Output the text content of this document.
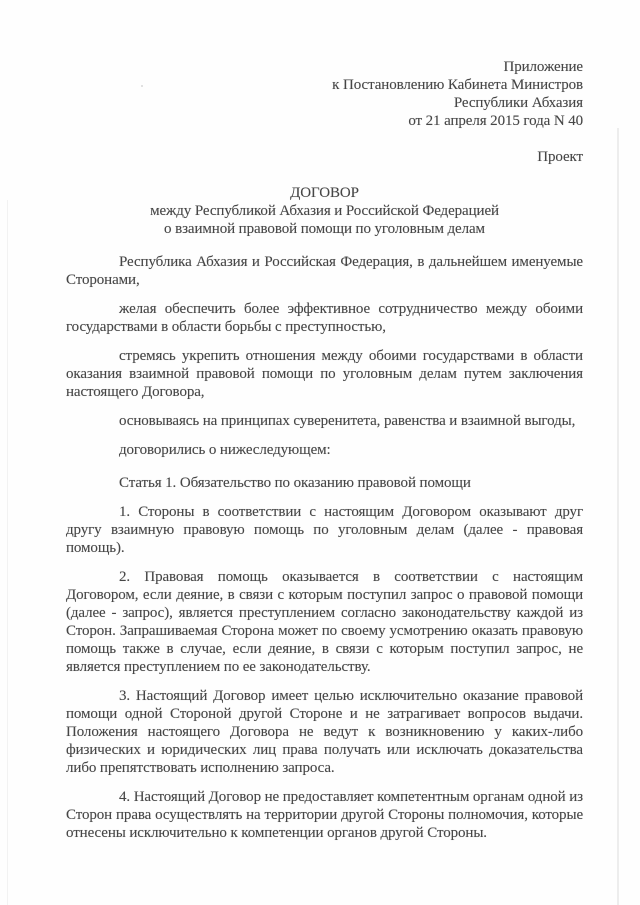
Приложение

к Постановлению Кабинета Министров

Республики Абхазия

от 21 апреля 2015 года N 40

Проект

ДОГОВОР

между Республикой Абхазия и Российской Федерацией

о взаимной правовой помощи по уголовным делам

Республика Абхазия и Российская Федерация, в дальнейшем именуемые Сторонами,

желая обеспечить более эффективное сотрудничество между обоими государствами в области борьбы с преступностью,

стремясь укрепить отношения между обоими государствами в области оказания взаимной правовой помощи по уголовным делам путем заключения настоящего Договора,

основываясь на принципах суверенитета, равенства и взаимной выгоды,

договорились о нижеследующем:

Статья 1. Обязательство по оказанию правовой помощи

1. Стороны в соответствии с настоящим Договором оказывают друг другу взаимную правовую помощь по уголовным делам (далее - правовая помощь).

2. Правовая помощь оказывается в соответствии с настоящим Договором, если деяние, в связи с которым поступил запрос о правовой помощи (далее - запрос), является преступлением согласно законодательству каждой из Сторон. Запрашиваемая Сторона может по своему усмотрению оказать правовую помощь также в случае, если деяние, в связи с которым поступил запрос, не является преступлением по ее законодательству.

3. Настоящий Договор имеет целью исключительно оказание правовой помощи одной Стороной другой Стороне и не затрагивает вопросов выдачи. Положения настоящего Договора не ведут к возникновению у каких-либо физических и юридических лиц права получать или исключать доказательства либо препятствовать исполнению запроса.

4. Настоящий Договор не предоставляет компетентным органам одной из Сторон права осуществлять на территории другой Стороны полномочия, которые отнесены исключительно к компетенции органов другой Стороны.
